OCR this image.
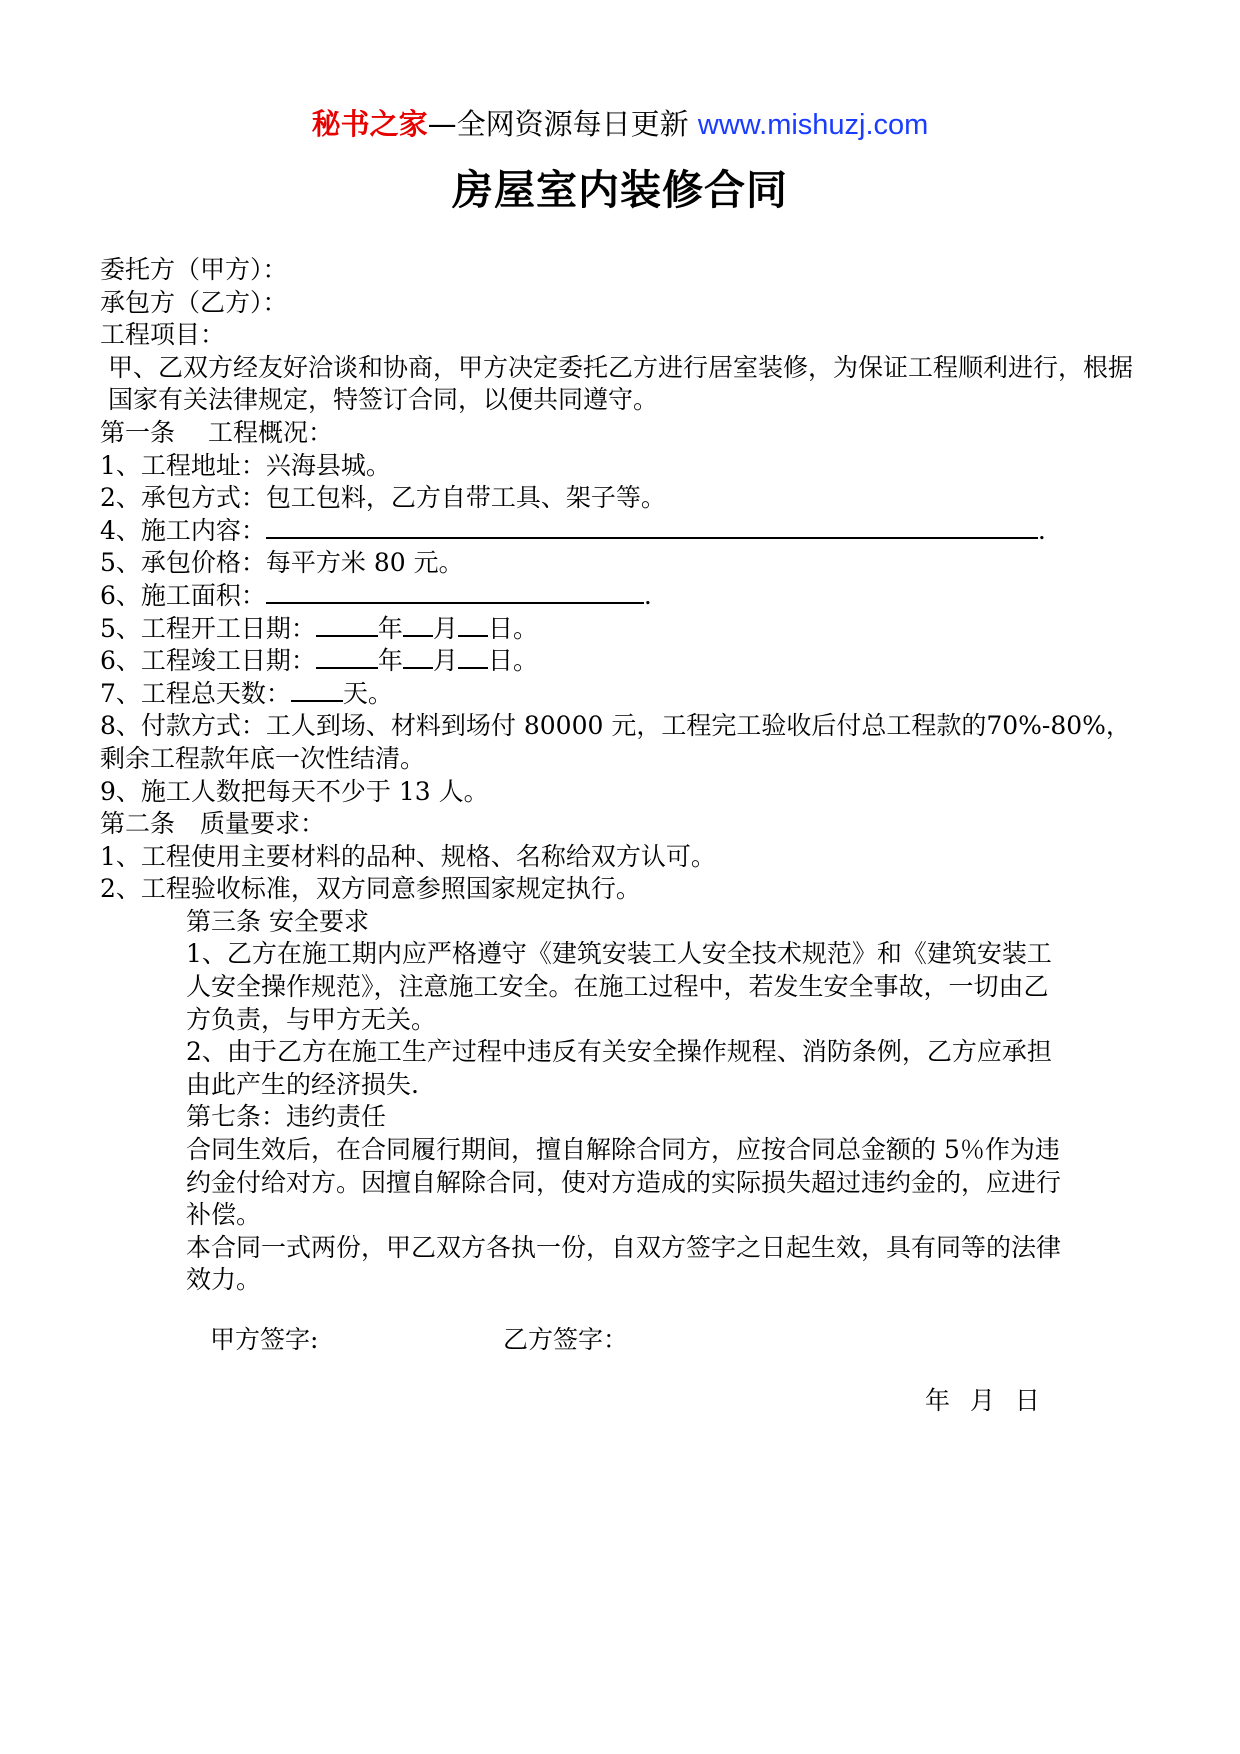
秘书之家—全网资源每日更新 www.mishuzj.com
房屋室内装修合同
委托方（甲方）：
承包方（乙方）：
工程项目：
甲、乙双方经友好洽谈和协商，甲方决定委托乙方进行居室装修，为保证工程顺利进行，根据国家有关法律规定，特签订合同，以便共同遵守。
第一条　 工程概况：
1、工程地址：兴海县城。
2、承包方式：包工包料，乙方自带工具、架子等。
4、施工内容：	.
5、承包价格：每平方米 80 元。
6、施工面积：	.
5、工程开工日期： 年 月 日。
6、工程竣工日期： 年 月 日。
7、工程总天数： 天。
8、付款方式：工人到场、材料到场付 80000 元，工程完工验收后付总工程款的70%-80%，剩余工程款年底一次性结清。
9、施工人数把每天不少于 13 人。
第二条　质量要求：
1、工程使用主要材料的品种、规格、名称给双方认可。
2、工程验收标准，双方同意参照国家规定执行。
第三条 安全要求
1、乙方在施工期内应严格遵守《建筑安装工人安全技术规范》和《建筑安装工人安全操作规范》，注意施工安全。在施工过程中，若发生安全事故，一切由乙方负责，与甲方无关。
2、由于乙方在施工生产过程中违反有关安全操作规程、消防条例，乙方应承担由此产生的经济损失.
第七条：违约责任
合同生效后，在合同履行期间，擅自解除合同方，应按合同总金额的 5％作为违约金付给对方。因擅自解除合同，使对方造成的实际损失超过违约金的，应进行补偿。
本合同一式两份，甲乙双方各执一份，自双方签字之日起生效，具有同等的法律效力。
甲方签字:	乙方签字：
年 月 日
